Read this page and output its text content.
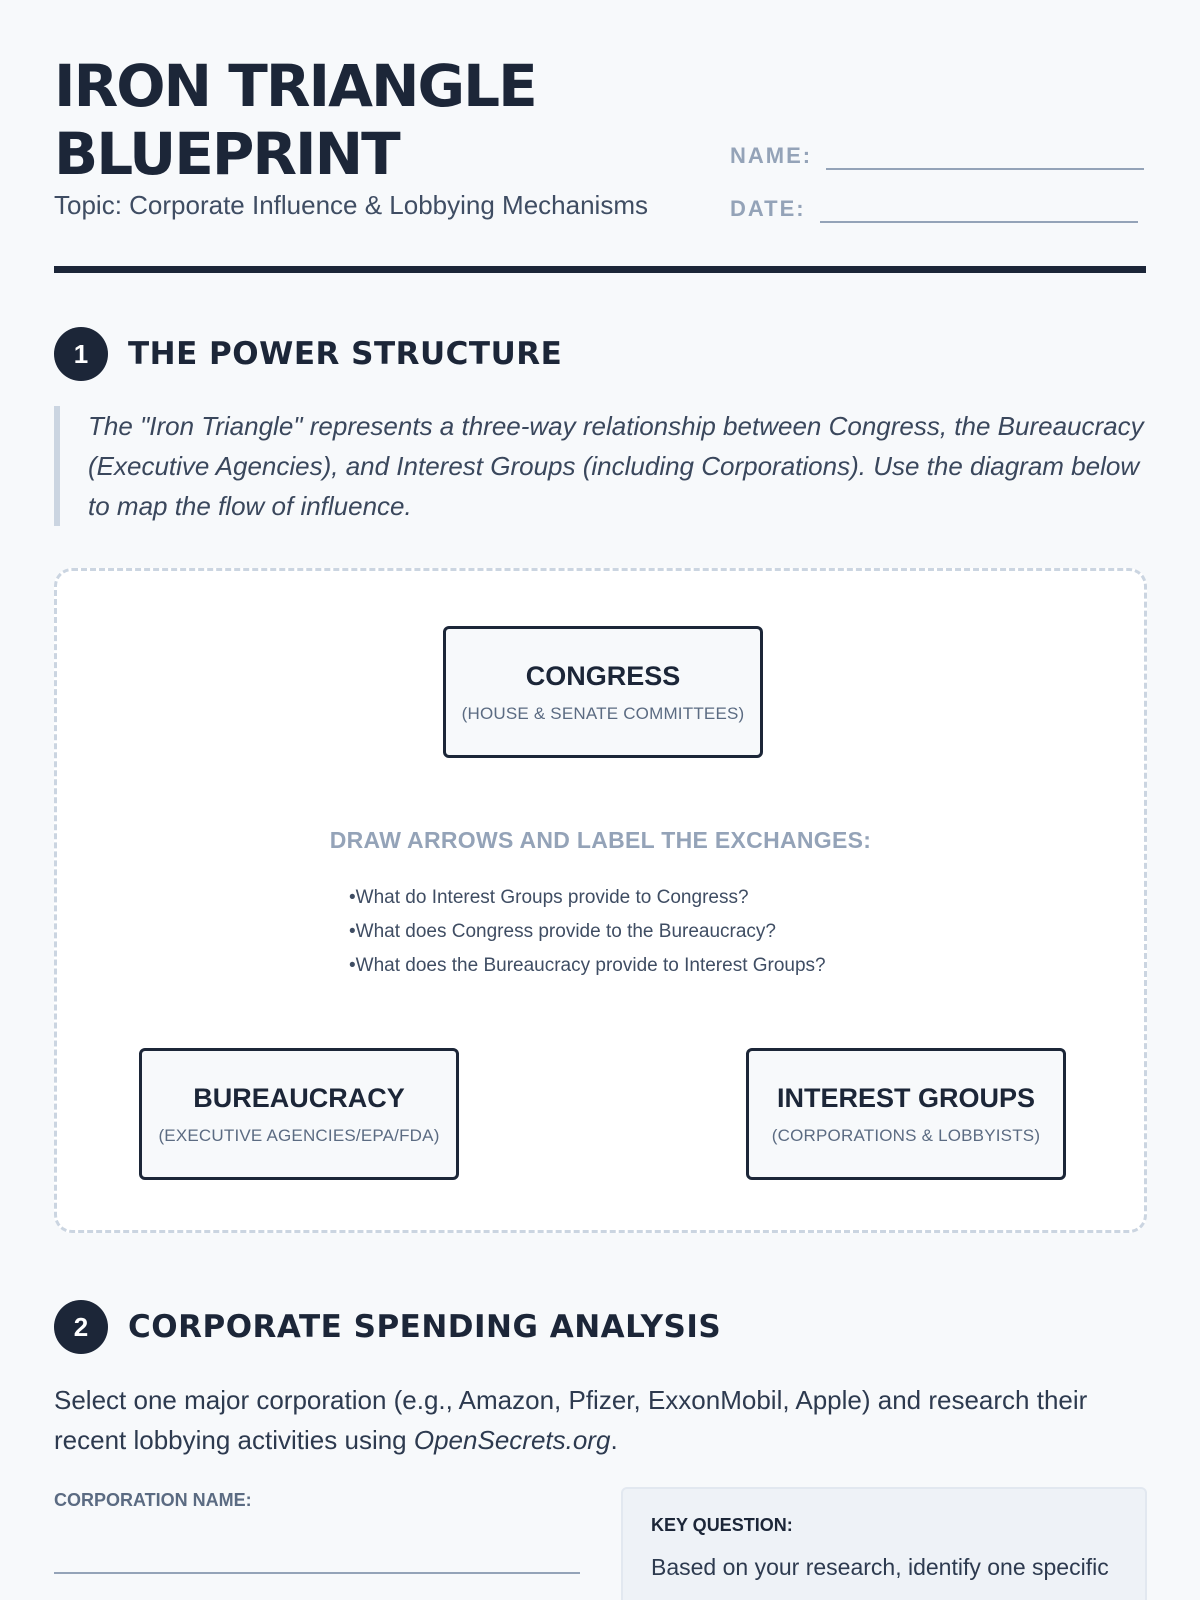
IRON TRIANGLE
BLUEPRINT
Topic: Corporate Influence & Lobbying Mechanisms
NAME:
DATE:
1	THE POWER STRUCTURE

The "Iron Triangle" represents a three-way relationship between Congress, the Bureaucracy (Executive Agencies), and Interest Groups (including Corporations). Use the diagram below to map the flow of influence.

CONGRESS
(HOUSE & SENATE COMMITTEES)
DRAW ARROWS AND LABEL THE EXCHANGES:
• What do Interest Groups provide to Congress?
• What does Congress provide to the Bureaucracy?
• What does the Bureaucracy provide to Interest Groups?
BUREAUCRACY
(EXECUTIVE AGENCIES/EPA/FDA)
INTEREST GROUPS
(CORPORATIONS & LOBBYISTS)
2	CORPORATE SPENDING ANALYSIS

Select one major corporation (e.g., Amazon, Pfizer, ExxonMobil, Apple) and research their recent lobbying activities using OpenSecrets.org.

CORPORATION NAME:
KEY QUESTION:
Based on your research, identify one specific
